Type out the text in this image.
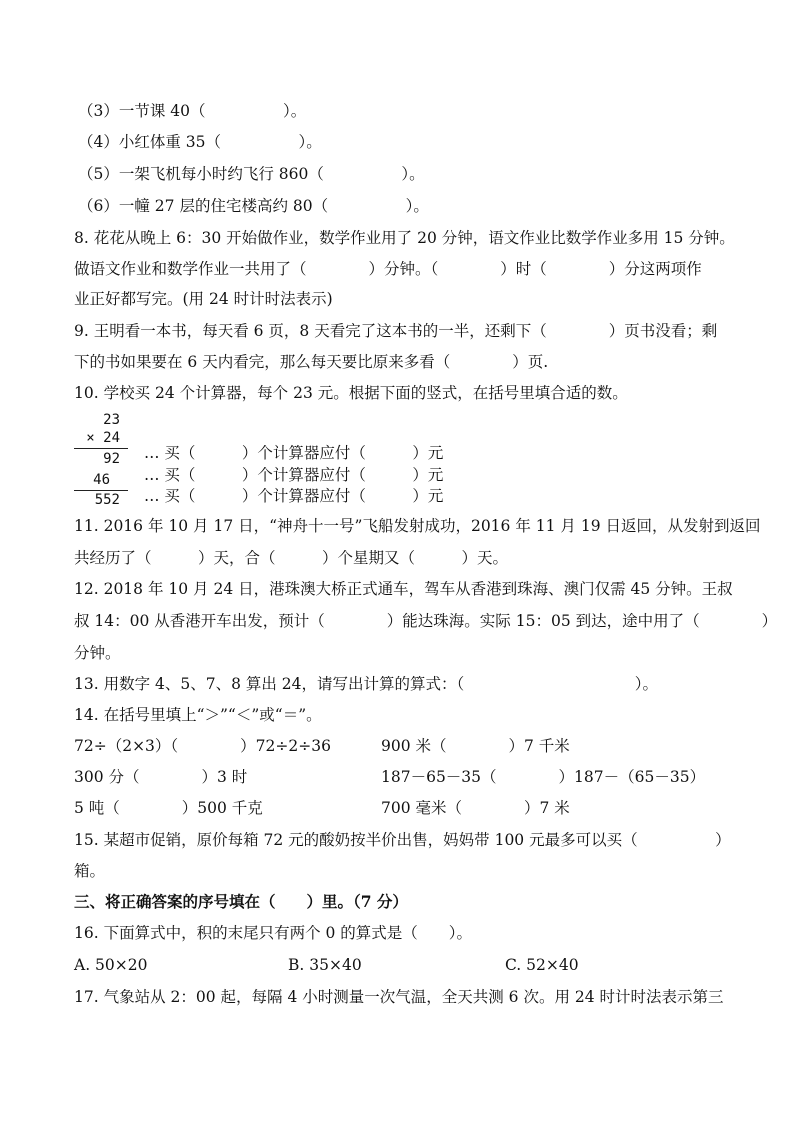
（3）一节课 40（　　　　　）。
（4）小红体重 35（　　　　　）。
（5）一架飞机每小时约飞行 860（　　　　　）。
（6）一幢 27 层的住宅楼高约 80（　　　　　）。
8. 花花从晚上 6：30 开始做作业，数学作业用了 20 分钟，语文作业比数学作业多用 15 分钟。
做语文作业和数学作业一共用了（　　　　）分钟。（　　　　）时（　　　　）分这两项作
业正好都写完。(用 24 时计时法表示)
9. 王明看一本书，每天看 6 页，8 天看完了这本书的一半，还剩下（　　　　）页书没看；剩
下的书如果要在 6 天内看完，那么每天要比原来多看（　　　　）页.
10. 学校买 24 个计算器，每个 23 元。根据下面的竖式，在括号里填合适的数。
23
× 24
92 … 买（　　　）个计算器应付（　　　）元
46 … 买（　　　）个计算器应付（　　　）元
552 … 买（　　　）个计算器应付（　　　）元
11. 2016 年 10 月 17 日，“神舟十一号”飞船发射成功，2016 年 11 月 19 日返回，从发射到返回
共经历了（　　　）天，合（　　　）个星期又（　　　）天。
12. 2018 年 10 月 24 日，港珠澳大桥正式通车，驾车从香港到珠海、澳门仅需 45 分钟。王叔
叔 14：00 从香港开车出发，预计（　　　　）能达珠海。实际 15：05 到达，途中用了（　　　　）
分钟。
13. 用数字 4、5、7、8 算出 24，请写出计算的算式：（　　　　　　　　　　　）。
14. 在括号里填上“＞”“＜”或“＝”。
72÷（2×3）（　　　　）72÷2÷36	900 米（　　　　）7 千米
300 分（　　　　）3 时	187－65－35（　　　　）187－（65－35）
5 吨（　　　　）500 千克	700 毫米（　　　　）7 米
15. 某超市促销，原价每箱 72 元的酸奶按半价出售，妈妈带 100 元最多可以买（　　　　　）
箱。
三、将正确答案的序号填在（　　）里。（7 分）
16. 下面算式中，积的末尾只有两个 0 的算式是（　　）。
A. 50×20	B. 35×40	C. 52×40
17. 气象站从 2：00 起，每隔 4 小时测量一次气温，全天共测 6 次。用 24 时计时法表示第三
